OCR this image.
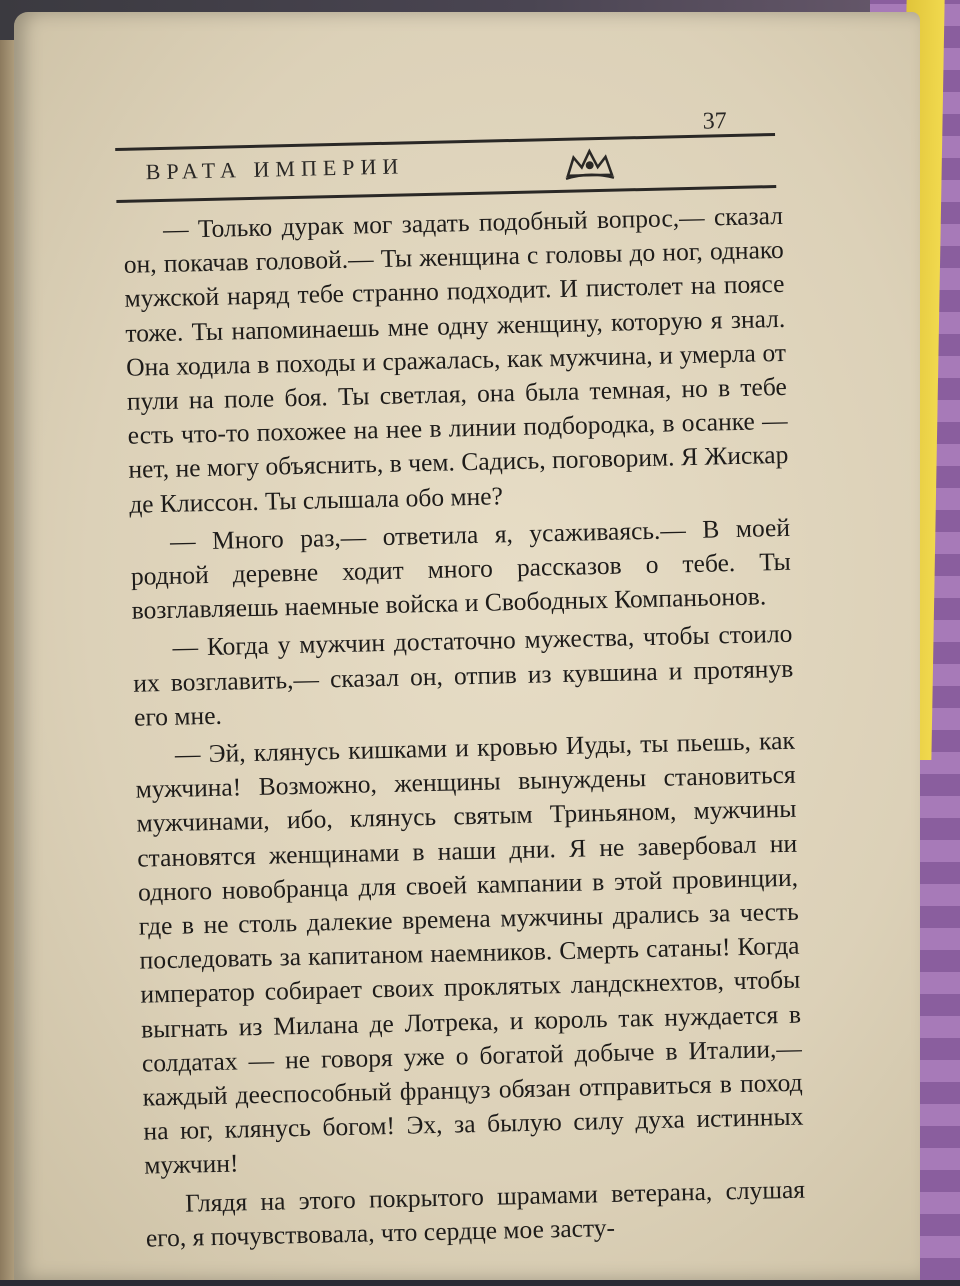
ВРАТА ИМПЕРИИ
37

— Только дурак мог задать подобный вопрос,— сказал он, покачав головой.— Ты женщина с головы до ног, однако мужской наряд тебе странно подходит. И пистолет на поясе тоже. Ты напоминаешь мне одну женщину, которую я знал. Она ходила в походы и сражалась, как мужчина, и умерла от пули на поле боя. Ты светлая, она была темная, но в тебе есть что-то похожее на нее в линии подбородка, в осанке — нет, не могу объяснить, в чем. Садись, поговорим. Я Жискар де Клиссон. Ты слышала обо мне?

— Много раз,— ответила я, усаживаясь.— В моей родной деревне ходит много рассказов о тебе. Ты возглавляешь наемные войска и Свободных Компаньонов.

— Когда у мужчин достаточно мужества, чтобы стоило их возглавить,— сказал он, отпив из кувшина и протянув его мне.

— Эй, клянусь кишками и кровью Иуды, ты пьешь, как мужчина! Возможно, женщины вынуждены становиться мужчинами, ибо, клянусь святым Триньяном, мужчины становятся женщинами в наши дни. Я не завербовал ни одного новобранца для своей кампании в этой провинции, где в не столь далекие времена мужчины дрались за честь последовать за капитаном наемников. Смерть сатаны! Когда император собирает своих проклятых ландскнехтов, чтобы выгнать из Милана де Лотрека, и король так нуждается в солдатах — не говоря уже о богатой добыче в Италии,— каждый дееспособный француз обязан отправиться в поход на юг, клянусь богом! Эх, за былую силу духа истинных мужчин!

Глядя на этого покрытого шрамами ветерана, слушая его, я почувствовала, что сердце мое засту-
